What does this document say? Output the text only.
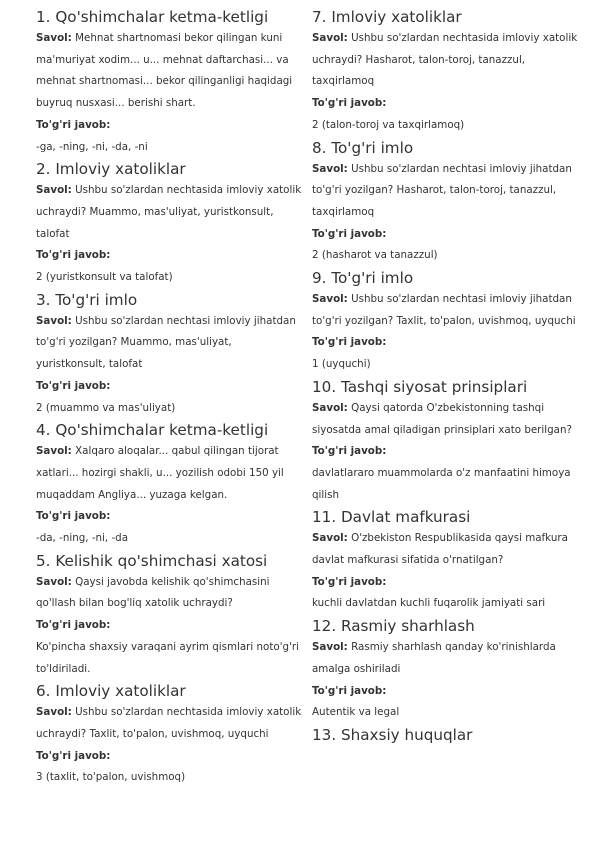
1. Qo'shimchalar ketma-ketligi

Savol: Mehnat shartnomasi bekor qilingan kuni ma'muriyat xodim... u... mehnat daftarchasi... va mehnat shartnomasi... bekor qilinganligi haqidagi buyruq nusxasi... berishi shart.

To'g'ri javob:

-ga, -ning, -ni, -da, -ni

2. Imloviy xatoliklar

Savol: Ushbu so'zlardan nechtasida imloviy xatolik uchraydi? Muammo, mas'uliyat, yuristkonsult, talofat

To'g'ri javob:

2 (yuristkonsult va talofat)

3. To'g'ri imlo

Savol: Ushbu so'zlardan nechtasi imloviy jihatdan to'g'ri yozilgan? Muammo, mas'uliyat, yuristkonsult, talofat

To'g'ri javob:

2 (muammo va mas'uliyat)

4. Qo'shimchalar ketma-ketligi

Savol: Xalqaro aloqalar... qabul qilingan tijorat xatlari... hozirgi shakli, u... yozilish odobi 150 yil muqaddam Angliya... yuzaga kelgan.

To'g'ri javob:

-da, -ning, -ni, -da

5. Kelishik qo'shimchasi xatosi

Savol: Qaysi javobda kelishik qo'shimchasini qo'llash bilan bog'liq xatolik uchraydi?

To'g'ri javob:

Ko'pincha shaxsiy varaqani ayrim qismlari noto'g'ri to'ldiriladi.

6. Imloviy xatoliklar

Savol: Ushbu so'zlardan nechtasida imloviy xatolik uchraydi? Taxlit, to'palon, uvishmoq, uyquchi

To'g'ri javob:

3 (taxlit, to'palon, uvishmoq)

7. Imloviy xatoliklar

Savol: Ushbu so'zlardan nechtasida imloviy xatolik uchraydi? Hasharot, talon-toroj, tanazzul, taxqirlamoq

To'g'ri javob:

2 (talon-toroj va taxqirlamoq)

8. To'g'ri imlo

Savol: Ushbu so'zlardan nechtasi imloviy jihatdan to'g'ri yozilgan? Hasharot, talon-toroj, tanazzul, taxqirlamoq

To'g'ri javob:

2 (hasharot va tanazzul)

9. To'g'ri imlo

Savol: Ushbu so'zlardan nechtasi imloviy jihatdan to'g'ri yozilgan? Taxlit, to'palon, uvishmoq, uyquchi

To'g'ri javob:

1 (uyquchi)

10. Tashqi siyosat prinsiplari

Savol: Qaysi qatorda O'zbekistonning tashqi siyosatda amal qiladigan prinsiplari xato berilgan?

To'g'ri javob:

davlatlararo muammolarda o'z manfaatini himoya qilish

11. Davlat mafkurasi

Savol: O'zbekiston Respublikasida qaysi mafkura davlat mafkurasi sifatida o'rnatilgan?

To'g'ri javob:

kuchli davlatdan kuchli fuqarolik jamiyati sari

12. Rasmiy sharhlash

Savol: Rasmiy sharhlash qanday ko'rinishlarda amalga oshiriladi

To'g'ri javob:

Autentik va legal

13. Shaxsiy huquqlar
